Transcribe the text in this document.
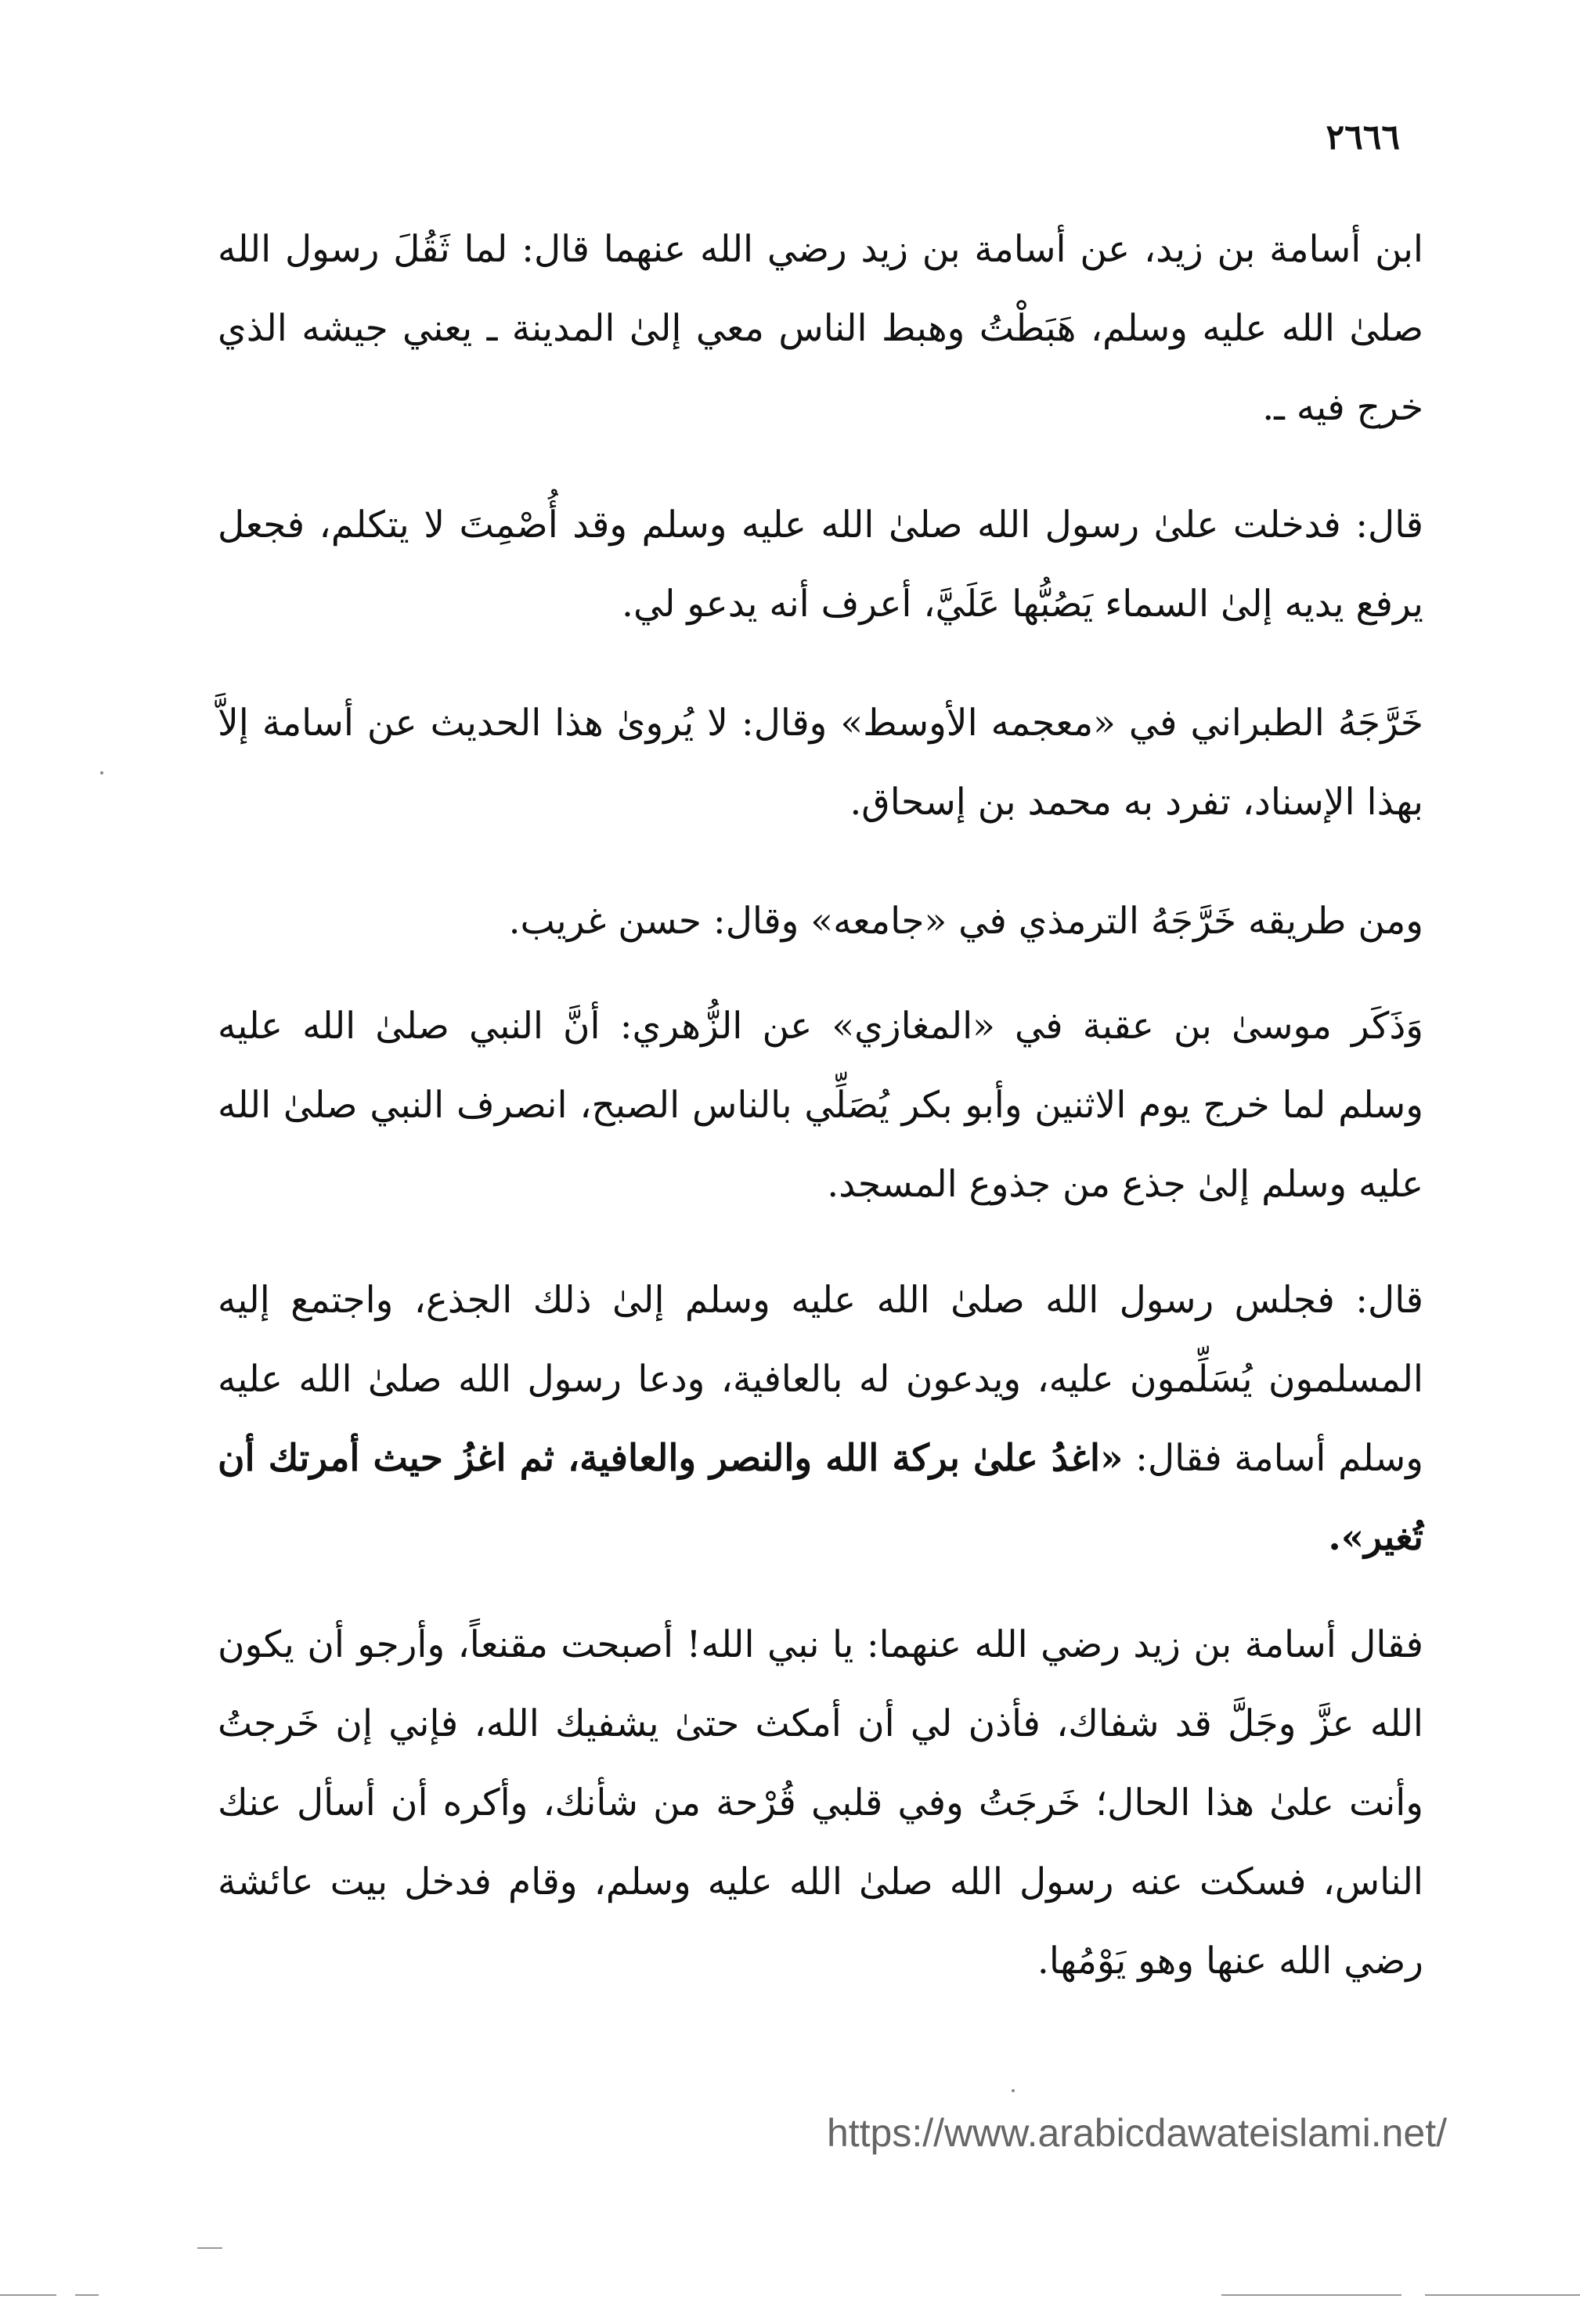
٢٦٦٦

ابن أسامة بن زيد، عن أسامة بن زيد رضي الله عنهما قال: لما ثَقُلَ رسول الله صلىٰ الله عليه وسلم، هَبَطْتُ وهبط الناس معي إلىٰ المدينة ـ يعني جيشه الذي خرج فيه ـ.

قال: فدخلت علىٰ رسول الله صلىٰ الله عليه وسلم وقد أُصْمِتَ لا يتكلم، فجعل يرفع يديه إلىٰ السماء يَصُبُّها عَلَيَّ، أعرف أنه يدعو لي.

خَرَّجَهُ الطبراني في «معجمه الأوسط» وقال: لا يُروىٰ هذا الحديث عن أسامة إلاَّ بهذا الإسناد، تفرد به محمد بن إسحاق.

ومن طريقه خَرَّجَهُ الترمذي في «جامعه» وقال: حسن غريب.

وَذَكَر موسىٰ بن عقبة في «المغازي» عن الزُّهري: أنَّ النبي صلىٰ الله عليه وسلم لما خرج يوم الاثنين وأبو بكر يُصَلِّي بالناس الصبح، انصرف النبي صلىٰ الله عليه وسلم إلىٰ جذع من جذوع المسجد.

قال: فجلس رسول الله صلىٰ الله عليه وسلم إلىٰ ذلك الجذع، واجتمع إليه المسلمون يُسَلِّمون عليه، ويدعون له بالعافية، ودعا رسول الله صلىٰ الله عليه وسلم أسامة فقال: «اغدُ علىٰ بركة الله والنصر والعافية، ثم اغزُ حيث أمرتك أن تُغير».

فقال أسامة بن زيد رضي الله عنهما: يا نبي الله! أصبحت مقنعاً، وأرجو أن يكون الله عزَّ وجَلَّ قد شفاك، فأذن لي أن أمكث حتىٰ يشفيك الله، فإني إن خَرجتُ وأنت علىٰ هذا الحال؛ خَرجَتُ وفي قلبي قُرْحة من شأنك، وأكره أن أسأل عنك الناس، فسكت عنه رسول الله صلىٰ الله عليه وسلم، وقام فدخل بيت عائشة رضي الله عنها وهو يَوْمُها.

https://www.arabicdawateislami.net/
